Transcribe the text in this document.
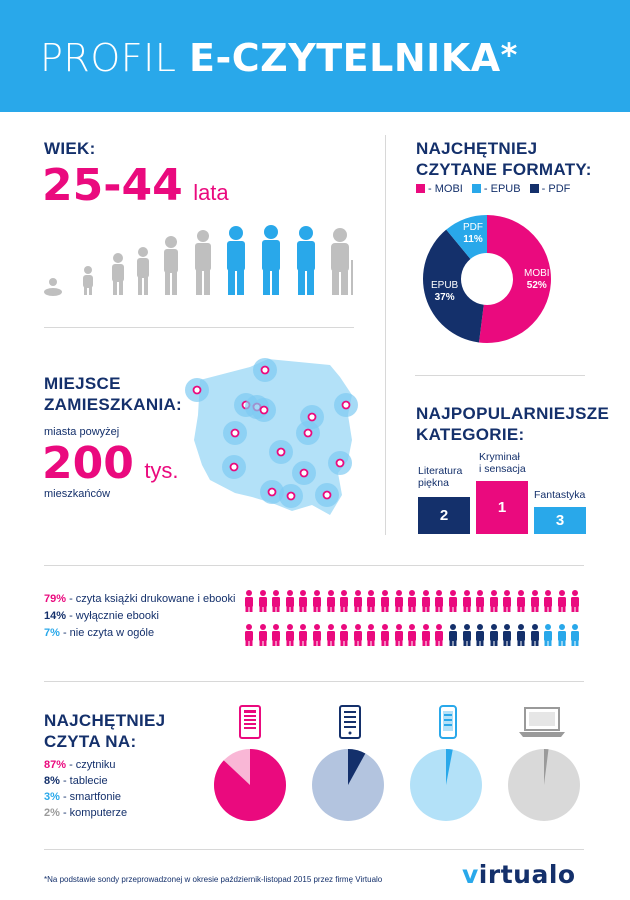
PROFIL E-CZYTELNIKA*
WIEK:
25-44 lata
NAJCHĘTNIEJ
CZYTANE FORMATY:
- MOBI - EPUB - PDF
MOBI
52%
EPUB
37%
PDF
11%
MIEJSCE
ZAMIESZKANIA:
miasta powyżej
200 tys.
mieszkańców
NAJPOPULARNIEJSZE
KATEGORIE:
Literatura
piękna
Kryminał
i sensacja
Fantastyka
2	1
3
79% - czyta książki drukowane i ebooki
14% - wyłącznie ebooki
7% - nie czyta w ogóle
NAJCHĘTNIEJ
CZYTA NA:
87% - czytniku
8% - tablecie
3% - smartfonie
2% - komputerze
*Na podstawie sondy przeprowadzonej w okresie październik-listopad 2015 przez firmę Virtualo	virtualo
